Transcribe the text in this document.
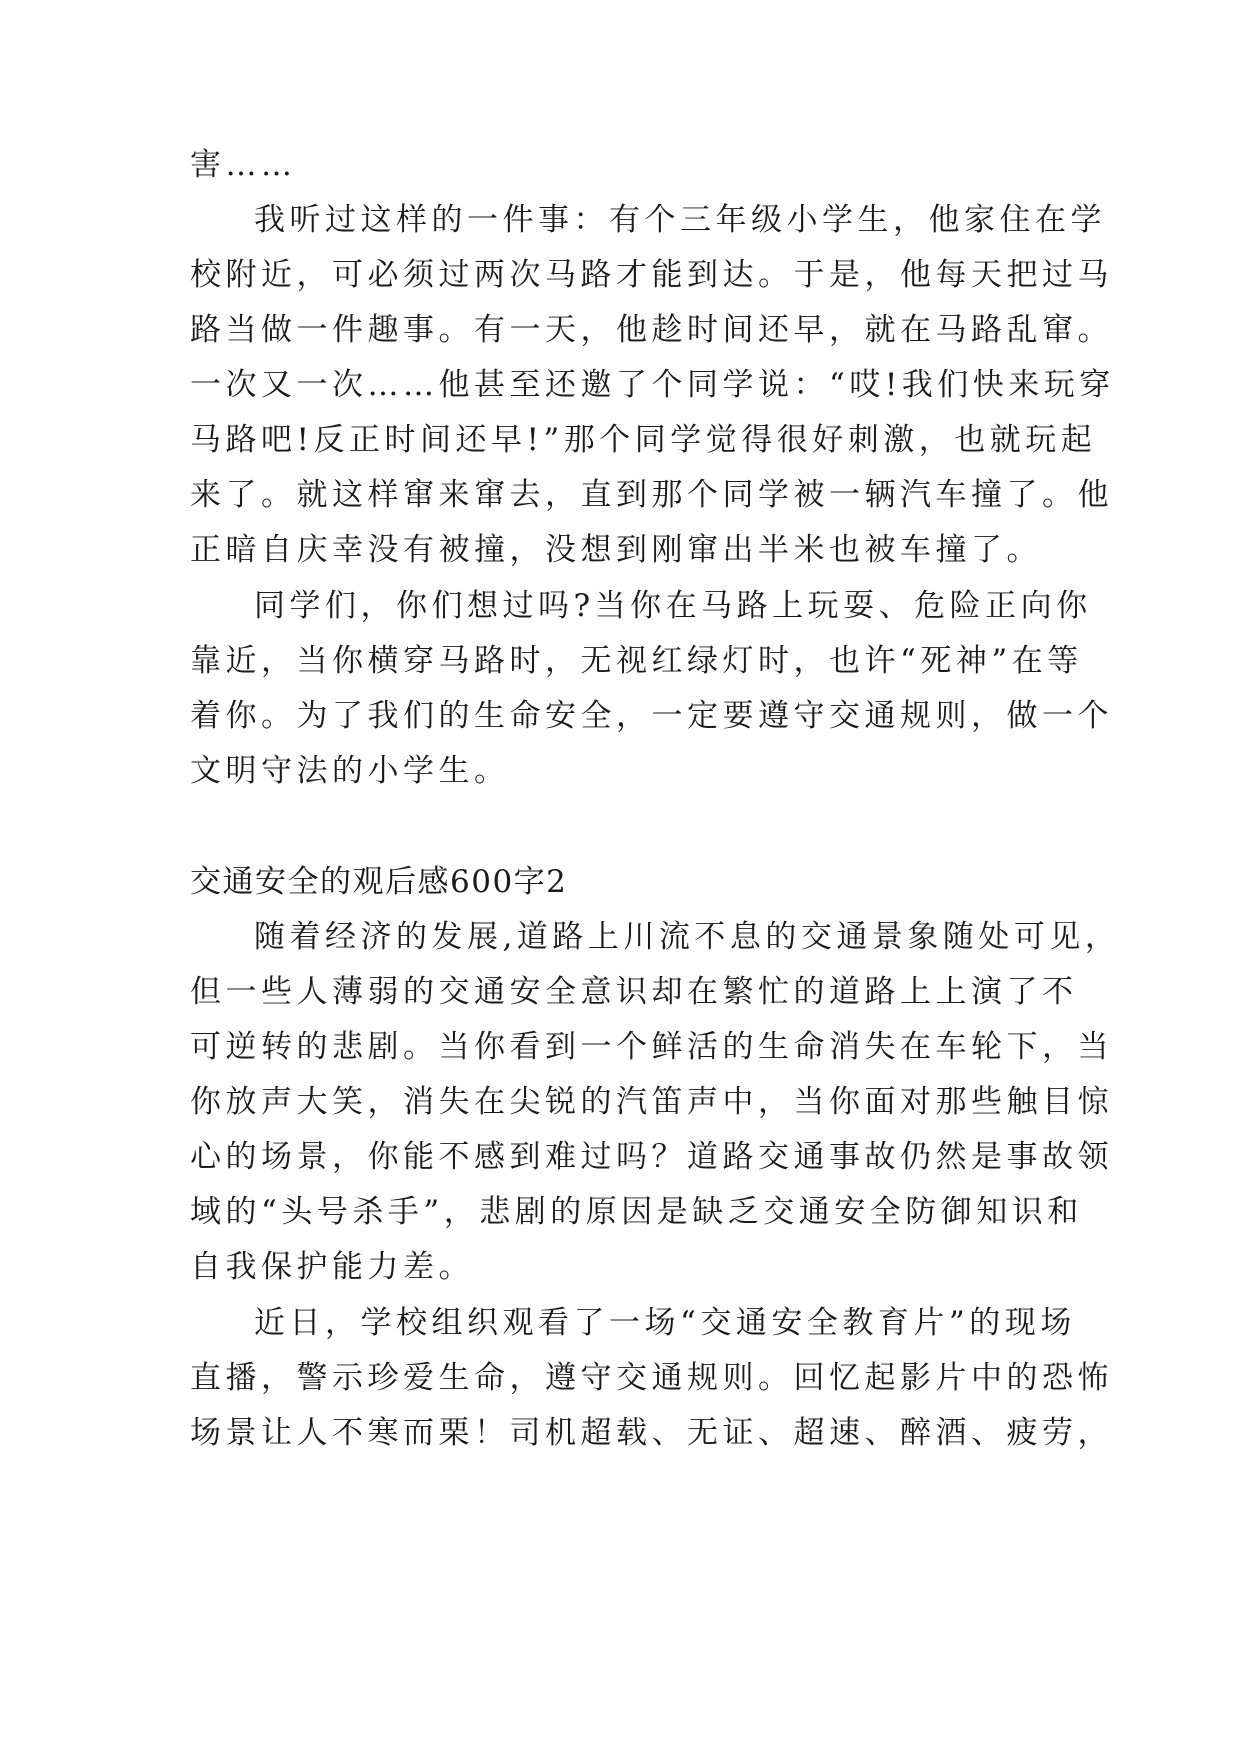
害……
我听过这样的一件事：有个三年级小学生，他家住在学
校附近，可必须过两次马路才能到达。于是，他每天把过马
路当做一件趣事。有一天，他趁时间还早，就在马路乱窜。
一次又一次……他甚至还邀了个同学说：“哎!我们快来玩穿
马路吧!反正时间还早!”那个同学觉得很好刺激，也就玩起
来了。就这样窜来窜去，直到那个同学被一辆汽车撞了。他
正暗自庆幸没有被撞，没想到刚窜出半米也被车撞了。
同学们，你们想过吗?当你在马路上玩耍、危险正向你
靠近，当你横穿马路时，无视红绿灯时，也许“死神”在等
着你。为了我们的生命安全，一定要遵守交通规则，做一个
文明守法的小学生。
交通安全的观后感600字2
随着经济的发展,道路上川流不息的交通景象随处可见，
但一些人薄弱的交通安全意识却在繁忙的道路上上演了不
可逆转的悲剧。当你看到一个鲜活的生命消失在车轮下，当
你放声大笑，消失在尖锐的汽笛声中，当你面对那些触目惊
心的场景，你能不感到难过吗？道路交通事故仍然是事故领
域的“头号杀手”，悲剧的原因是缺乏交通安全防御知识和
自我保护能力差。
近日，学校组织观看了一场“交通安全教育片”的现场
直播，警示珍爱生命，遵守交通规则。回忆起影片中的恐怖
场景让人不寒而栗！司机超载、无证、超速、醉酒、疲劳，
